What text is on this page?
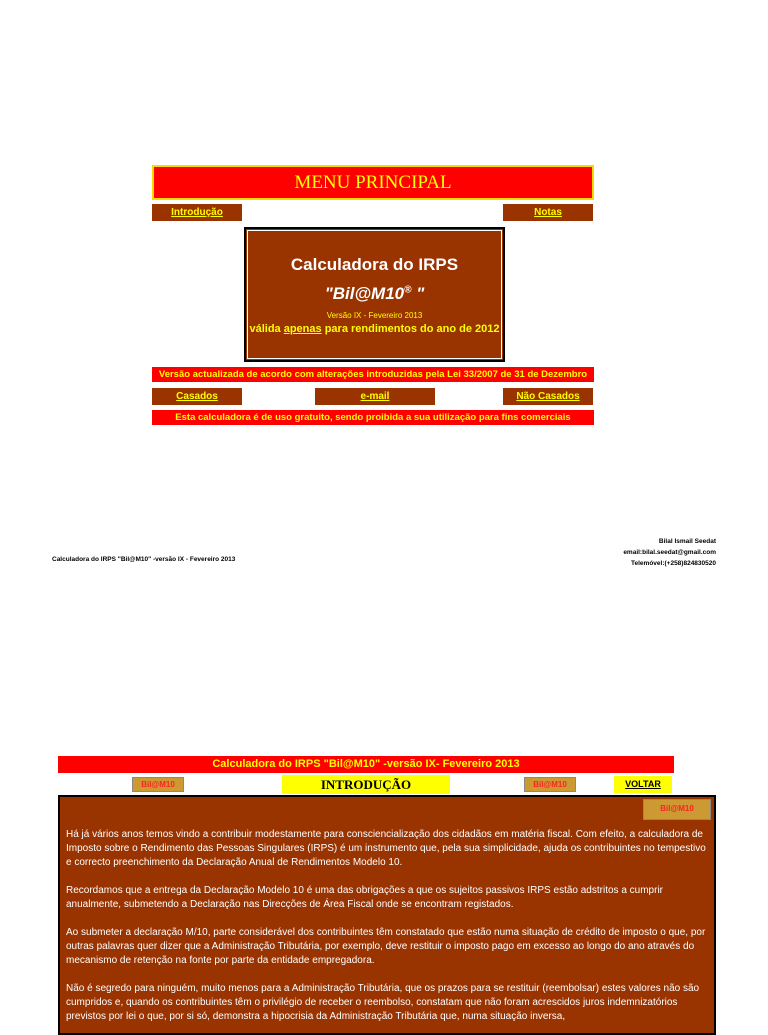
MENU PRINCIPAL
Introdução	Notas
Calculadora do IRPS
"Bil@M10® "
Versão IX - Fevereiro 2013
válida apenas para rendimentos do ano de 2012
Versão actualizada de acordo com alterações introduzidas pela Lei 33/2007 de 31 de Dezembro
Casados	e-mail	Não Casados
Esta calculadora é de uso gratuito, sendo proibida a sua utilização para fins comerciais
Calculadora do IRPS "Bil@M10" -versão IX - Fevereiro 2013
Bilal Ismail Seedat
email:bilal.seedat@gmail.com
Telemóvel:(+258)824830520
Calculadora do IRPS "Bil@M10" -versão IX- Fevereiro 2013
Bil@M10	INTRODUÇÃO	Bil@M10	VOLTAR
Bil@M10
Há já vários anos temos vindo a contribuir modestamente para consciencialização dos cidadãos em matéria fiscal. Com efeito, a calculadora de Imposto sobre o Rendimento das Pessoas Singulares (IRPS) é um instrumento que, pela sua simplicidade, ajuda os contribuintes no tempestivo e correcto preenchimento da Declaração Anual de Rendimentos Modelo 10.
Recordamos que a entrega da Declaração Modelo 10 é uma das obrigações a que os sujeitos passivos IRPS estão adstritos a cumprir anualmente, submetendo a Declaração nas Direcções de Área Fiscal onde se encontram registados.
Ao submeter a declaração M/10, parte considerável dos contribuintes têm constatado que estão numa situação de crédito de imposto o que, por outras palavras quer dizer que a Administração Tributária, por exemplo, deve restituir o imposto pago em excesso ao longo do ano através do mecanismo de retenção na fonte por parte da entidade empregadora.
Não é segredo para ninguém, muito menos para a Administração Tributária, que os prazos para se restituir (reembolsar) estes valores não são cumpridos e, quando os contribuintes têm o privilégio de receber o reembolso, constatam que não foram acrescidos juros indemnizatórios previstos por lei o que, por si só, demonstra a hipocrisia da Administração Tributária que, numa situação inversa,
